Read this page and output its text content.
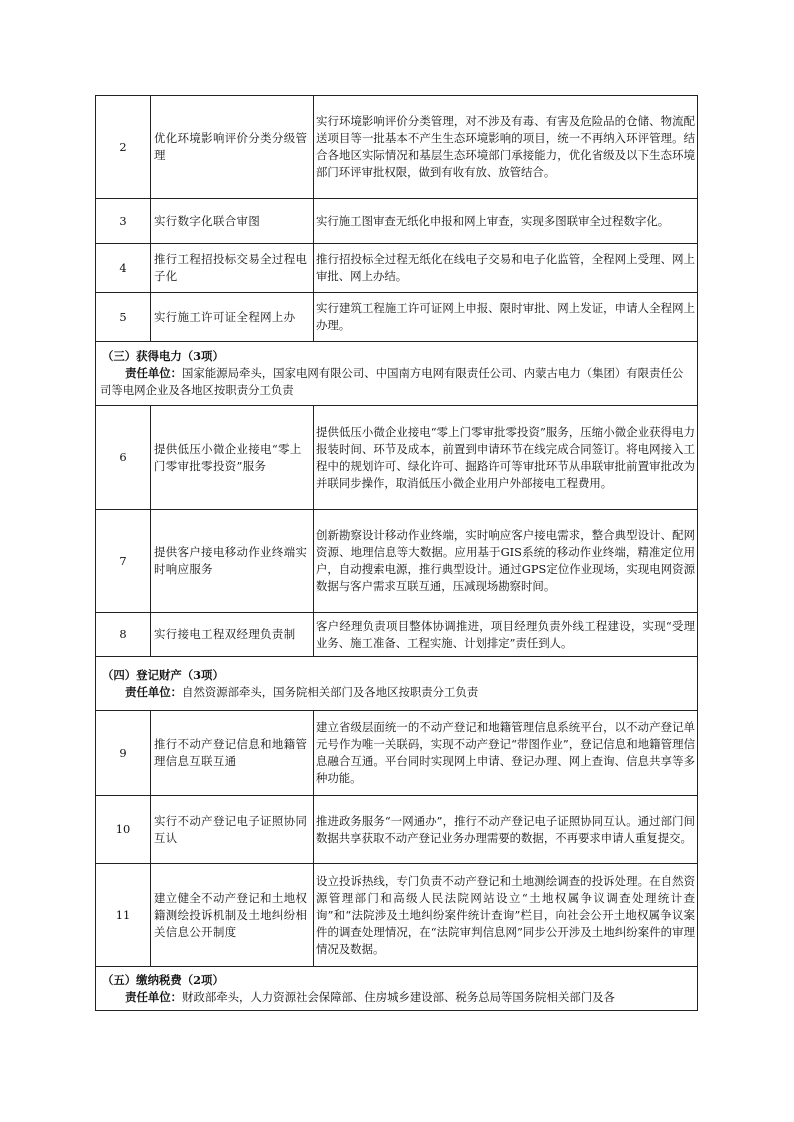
2	优化环境影响评价分类分级管理	实行环境影响评价分类管理，对不涉及有毒、有害及危险品的仓储、物流配送项目等一批基本不产生生态环境影响的项目，统一不再纳入环评管理。结合各地区实际情况和基层生态环境部门承接能力，优化省级及以下生态环境部门环评审批权限，做到有收有放、放管结合。
3	实行数字化联合审图	实行施工图审查无纸化申报和网上审查，实现多图联审全过程数字化。
4	推行工程招投标交易全过程电子化	推行招投标全过程无纸化在线电子交易和电子化监管，全程网上受理、网上审批、网上办结。
5	实行施工许可证全程网上办	实行建筑工程施工许可证网上申报、限时审批、网上发证，申请人全程网上办理。

（三）获得电力（3项）
责任单位：国家能源局牵头，国家电网有限公司、中国南方电网有限责任公司、内蒙古电力（集团）有限责任公司等电网企业及各地区按职责分工负责		

6	提供低压小微企业接电“零上门零审批零投资”服务	提供低压小微企业接电“零上门零审批零投资”服务，压缩小微企业获得电力报装时间、环节及成本，前置到申请环节在线完成合同签订。将电网接入工程中的规划许可、绿化许可、掘路许可等审批环节从串联审批前置审批改为并联同步操作，取消低压小微企业用户外部接电工程费用。
7	提供客户接电移动作业终端实时响应服务	创新勘察设计移动作业终端，实时响应客户接电需求，整合典型设计、配网资源、地理信息等大数据。应用基于GIS系统的移动作业终端，精准定位用户，自动搜索电源，推行典型设计。通过GPS定位作业现场，实现电网资源数据与客户需求互联互通，压减现场勘察时间。
8	实行接电工程双经理负责制	客户经理负责项目整体协调推进，项目经理负责外线工程建设，实现“受理业务、施工准备、工程实施、计划排定”责任到人。

（四）登记财产（3项）
责任单位：自然资源部牵头，国务院相关部门及各地区按职责分工负责		

9	推行不动产登记信息和地籍管理信息互联互通	建立省级层面统一的不动产登记和地籍管理信息系统平台，以不动产登记单元号作为唯一关联码，实现不动产登记“带图作业”，登记信息和地籍管理信息融合互通。平台同时实现网上申请、登记办理、网上查询、信息共享等多种功能。
10	实行不动产登记电子证照协同互认	推进政务服务“一网通办”，推行不动产登记电子证照协同互认。通过部门间数据共享获取不动产登记业务办理需要的数据，不再要求申请人重复提交。
11	建立健全不动产登记和土地权籍测绘投诉机制及土地纠纷相关信息公开制度	设立投诉热线，专门负责不动产登记和土地测绘调查的投诉处理。在自然资源管理部门和高级人民法院网站设立“土地权属争议调查处理统计查询”和“法院涉及土地纠纷案件统计查询”栏目，向社会公开土地权属争议案件的调查处理情况，在“法院审判信息网”同步公开涉及土地纠纷案件的审理情况及数据。

（五）缴纳税费（2项）
责任单位：财政部牵头，人力资源社会保障部、住房城乡建设部、税务总局等国务院相关部门及各		
